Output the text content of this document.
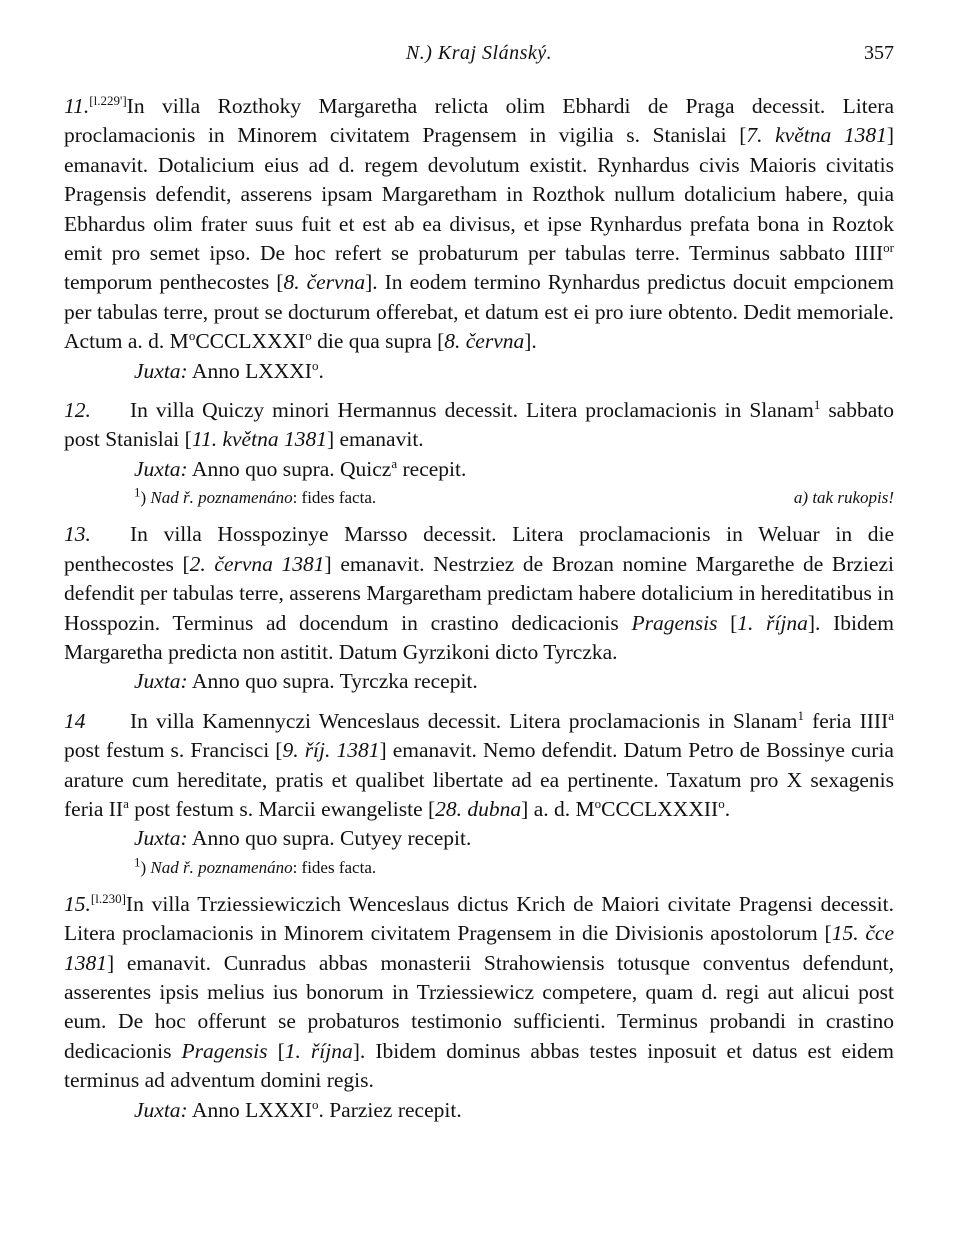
N.) Kraj Slánský.	357

11.[l.229']In villa Rozthoky Margaretha relicta olim Ebhardi de Praga decessit. Litera proclamacionis in Minorem civitatem Pragensem in vigilia s. Stanislai [7. května 1381] emanavit. Dotalicium eius ad d. regem devolutum existit. Rynhardus civis Maioris civitatis Pragensis defendit, asserens ipsam Margaretham in Rozthok nullum dotalicium habere, quia Ebhardus olim frater suus fuit et est ab ea divisus, et ipse Rynhardus prefata bona in Roztok emit pro semet ipso. De hoc refert se probaturum per tabulas terre. Terminus sabbato $IIII^{or}$ temporum penthecostes [8. června]. In eodem termino Rynhardus predictus docuit empcionem per tabulas terre, prout se docturum offerebat, et datum est ei pro iure obtento. Dedit memoriale. Actum a. d. $M^oCCCLXXXI^o$ die qua supra [8. června].

Juxta: Anno LXXXI$^o$.

12. In villa Quiczy minori Hermannus decessit. Litera proclamacionis in Slanam$^1$ sabbato post Stanislai [11. května 1381] emanavit.

Juxta: Anno quo supra. Quicz$^a$ recepit.

$^1$) Nad ř. poznamenáno: fides facta.	a) tak rukopis!

13. In villa Hosspozinye Marsso decessit. Litera proclamacionis in Weluar in die penthecostes [2. června 1381] emanavit. Nestrziez de Brozan nomine Margarethe de Brziezi defendit per tabulas terre, asserens Margaretham predictam habere dotalicium in hereditatibus in Hosspozin. Terminus ad docendum in crastino dedicacionis Pragensis [1. října]. Ibidem Margaretha predicta non astitit. Datum Gyrzikoni dicto Tyrczka.

Juxta: Anno quo supra. Tyrczka recepit.

14 In villa Kamennyczi Wenceslaus decessit. Litera proclamacionis in Slanam$^1$ feria IIII$^a$ post festum s. Francisci [9. říj. 1381] emanavit. Nemo defendit. Datum Petro de Bossinye curia arature cum hereditate, pratis et qualibet libertate ad ea pertinente. Taxatum pro X sexagenis feria $II^a$ post festum s. Marcii ewangeliste [28. dubna] a. d. $M^oCCCLXXXII^o$.

Juxta: Anno quo supra. Cutyey recepit.

$^1$) Nad ř. poznamenáno: fides facta.

15.[l.230]In villa Trziessiewiczich Wenceslaus dictus Krich de Maiori civitate Pragensi decessit. Litera proclamacionis in Minorem civitatem Pragensem in die Divisionis apostolorum [15. čce 1381] emanavit. Cunradus abbas monasterii Strahowiensis totusque conventus defendunt, asserentes ipsis melius ius bonorum in Trziessiewicz competere, quam d. regi aut alicui post eum. De hoc offerunt se probaturos testimonio sufficienti. Terminus probandi in crastino dedicacionis Pragensis [1. října]. Ibidem dominus abbas testes inposuit et datus est eidem terminus ad adventum domini regis.

Juxta: Anno LXXXI$^o$. Parziez recepit.
